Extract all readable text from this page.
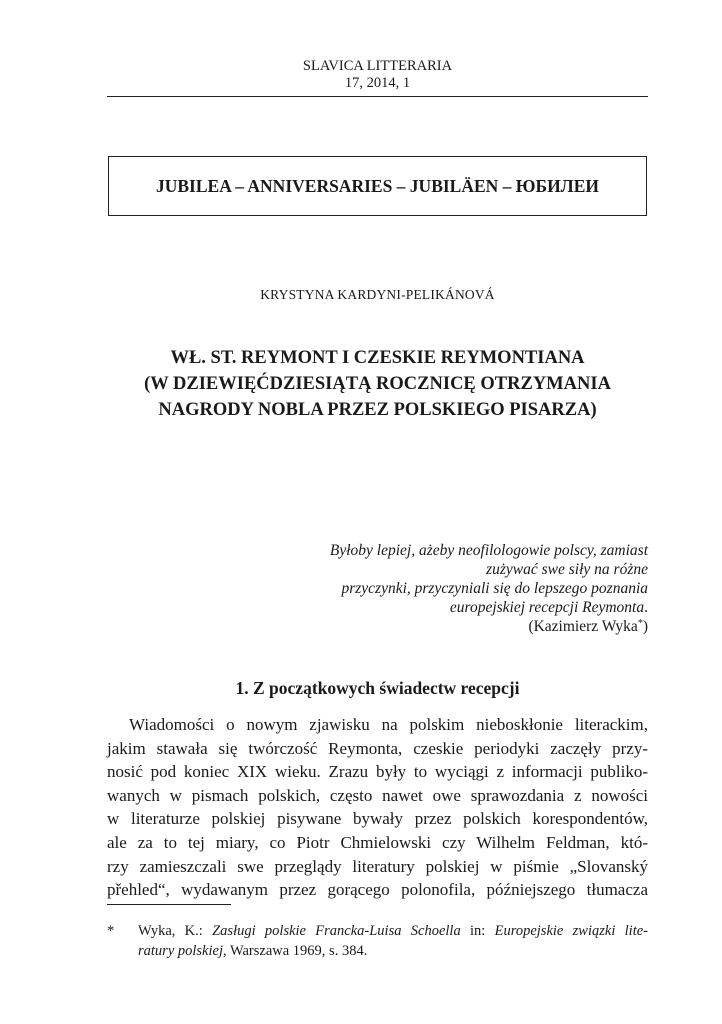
SLAVICA LITTERARIA
17, 2014, 1
JUBILEA – ANNIVERSARIES – JUBILÄEN – ЮБИЛЕИ
KRYSTYNA KARDYNI-PELIKÁNOVÁ
WŁ. ST. REYMONT I CZESKIE REYMONTIANA
(W DZIEWIĘĆDZIESIĄTĄ ROCZNICĘ OTRZYMANIA
NAGRODY NOBLA PRZEZ POLSKIEGO PISARZA)
Byłoby lepiej, ażeby neofilologowie polscy, zamiast
zużywać swe siły na różne
przyczynki, przyczyniali się do lepszego poznania
europejskiej recepcji Reymonta.
(Kazimierz Wyka*)
1. Z początkowych świadectw recepcji
Wiadomości o nowym zjawisku na polskim nieboskłonie literackim,
jakim stawała się twórczość Reymonta, czeskie periodyki zaczęły przy-
nosić pod koniec XIX wieku. Zrazu były to wyciągi z informacji publiko-
wanych w pismach polskich, często nawet owe sprawozdania z nowości
w literaturze polskiej pisywane bywały przez polskich korespondentów,
ale za to tej miary, co Piotr Chmielowski czy Wilhelm Feldman, któ-
rzy zamieszczali swe przeglądy literatury polskiej w piśmie „Slovanský
přehled“, wydawanym przez gorącego polonofila, późniejszego tłumacza
* Wyka, K.: Zasługi polskie Francka-Luisa Schoella in: Europejskie związki lite-
ratury polskiej, Warszawa 1969, s. 384.
